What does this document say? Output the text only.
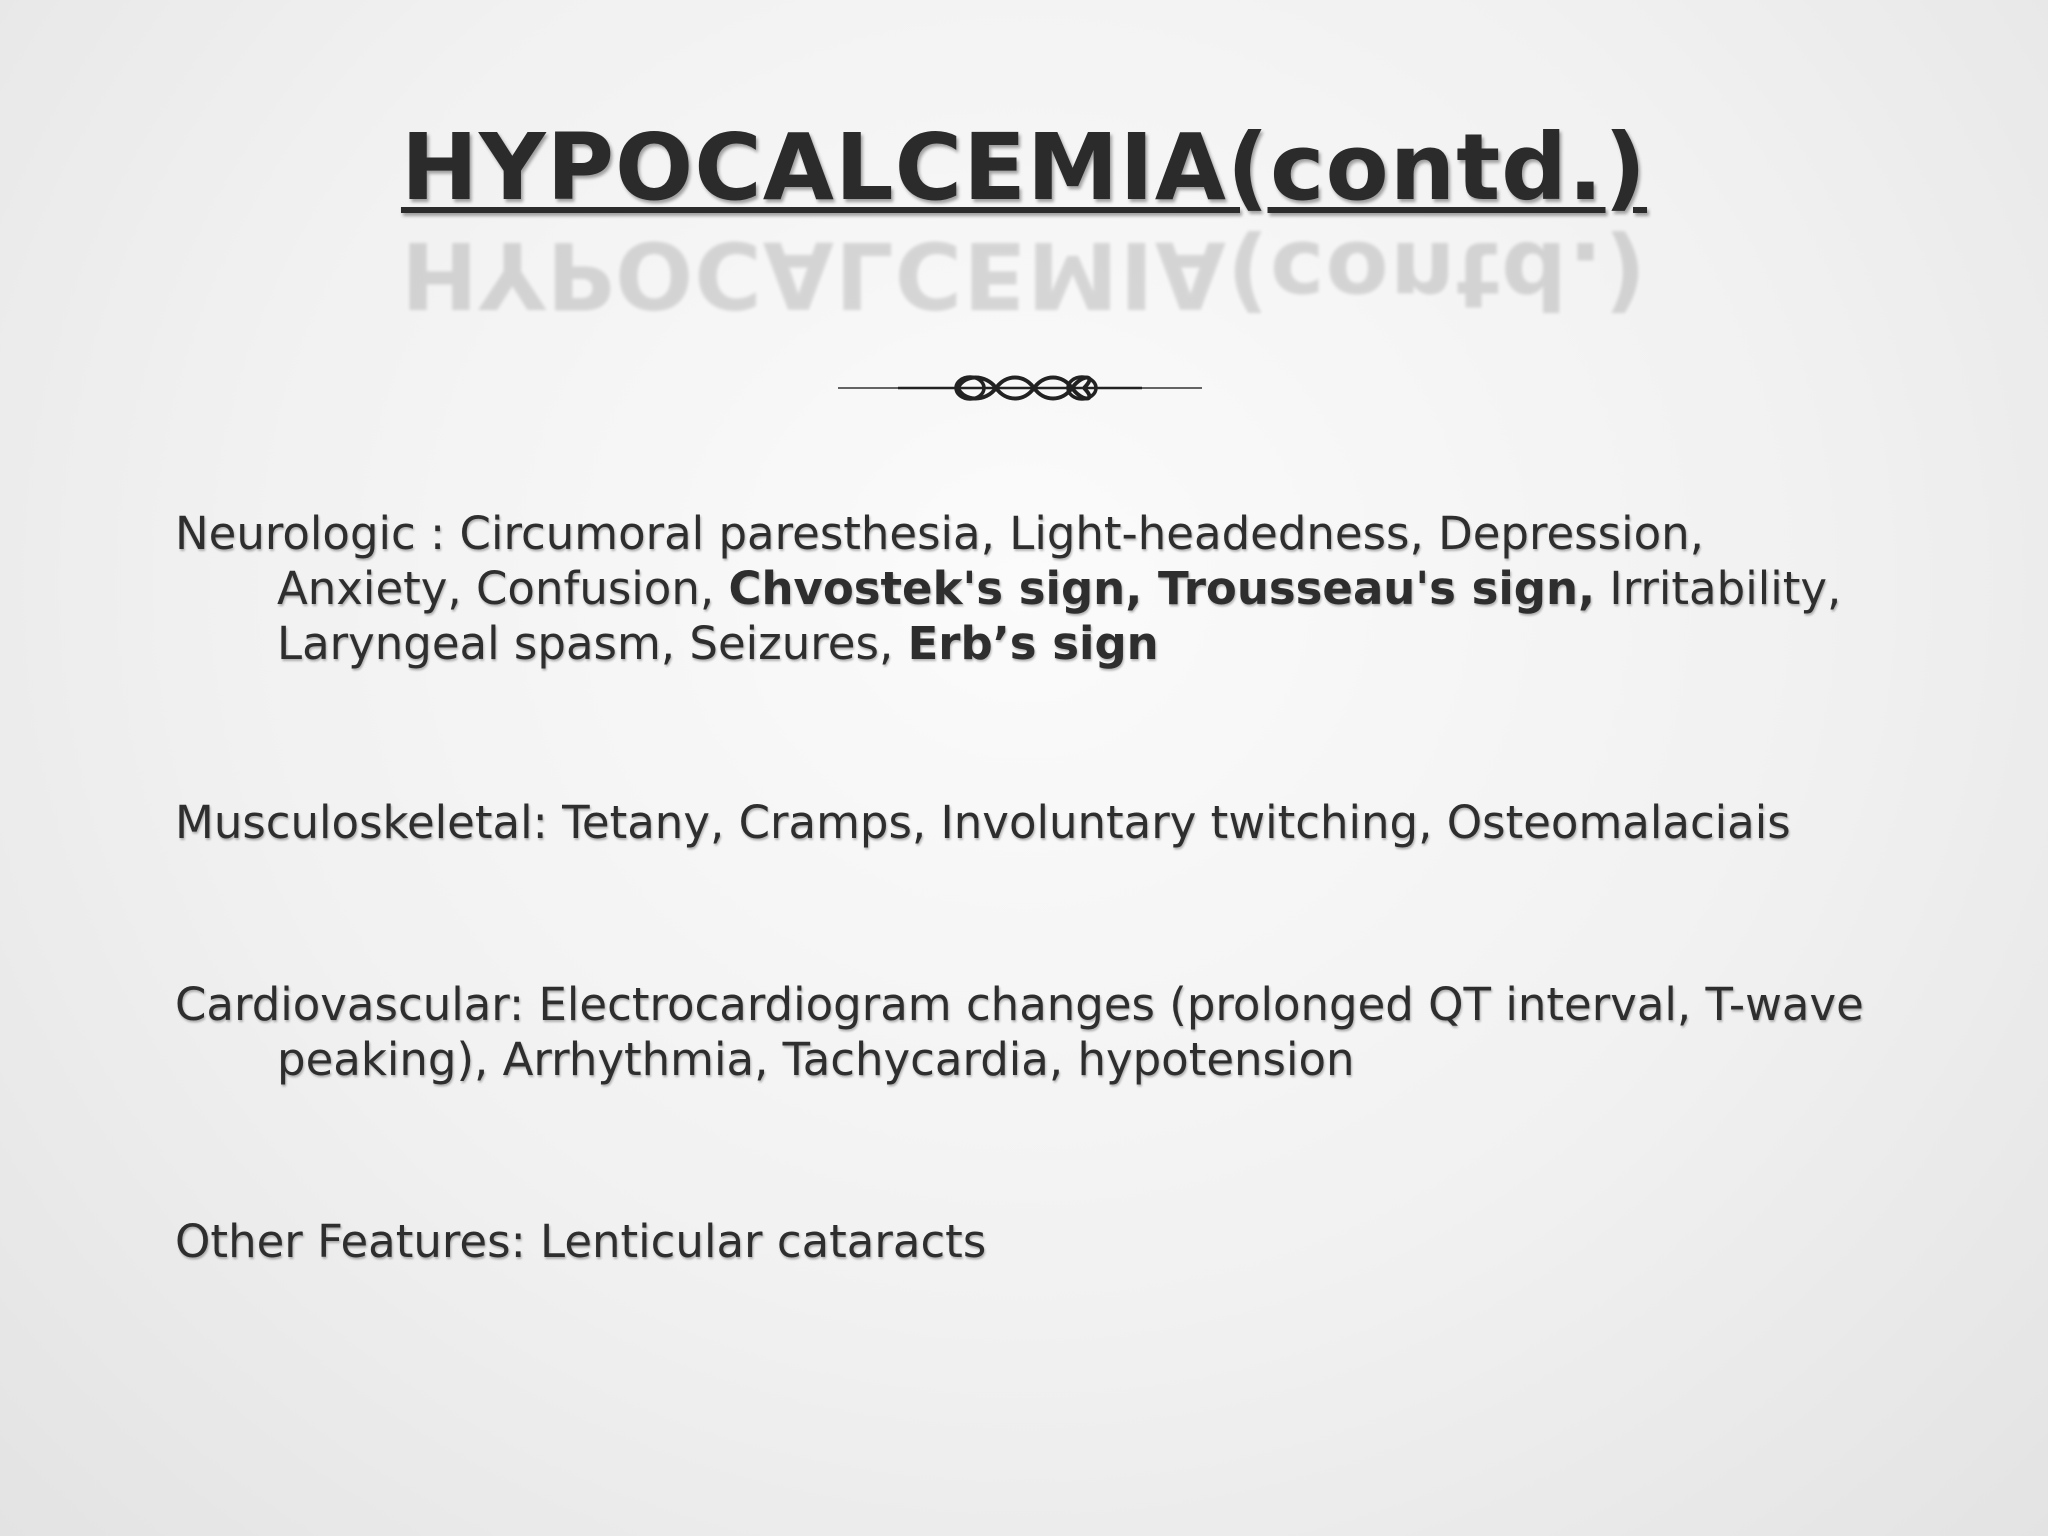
HYPOCALCEMIA(contd.)
HYPOCALCEMIA(contd.)
Neurologic : Circumoral paresthesia, Light-headedness, Depression, Anxiety, Confusion, Chvostek's sign, Trousseau's sign, Irritability, Laryngeal spasm, Seizures, Erb’s sign
Musculoskeletal: Tetany, Cramps, Involuntary twitching, Osteomalaciais
Cardiovascular: Electrocardiogram changes (prolonged QT interval, T-wave peaking), Arrhythmia, Tachycardia, hypotension
Other Features: Lenticular cataracts
